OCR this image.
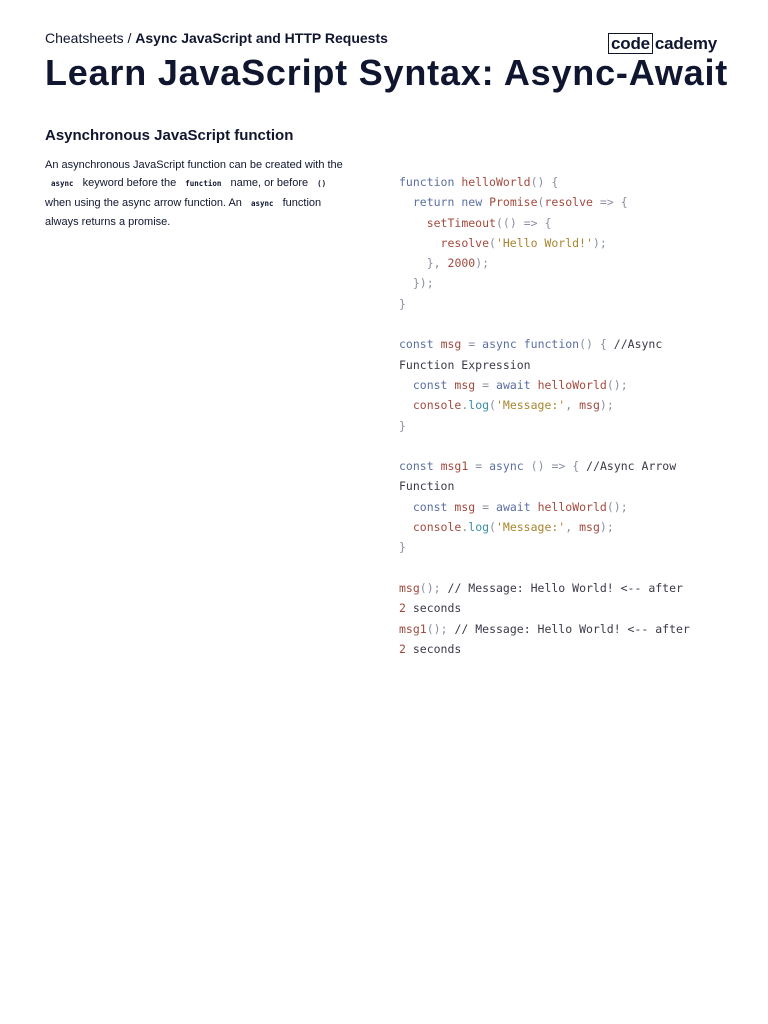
Cheatsheets / Async JavaScript and HTTP Requests	code cademy
Learn JavaScript Syntax: Async-Await
Asynchronous JavaScript function
An asynchronous JavaScript function can be created with the async keyword before the function name, or before () when using the async arrow function. An async function always returns a promise.
function helloWorld() {
return new Promise(resolve => {
setTimeout(() => {
resolve('Hello World!');
}, 2000);
});
}
const msg = async function() { //Async
Function Expression
const msg = await helloWorld();
console.log('Message:', msg);
}
const msg1 = async () => { //Async Arrow
Function
const msg = await helloWorld();
console.log('Message:', msg);
}
msg(); // Message: Hello World! <-- after
2 seconds
msg1(); // Message: Hello World! <-- after
2 seconds
